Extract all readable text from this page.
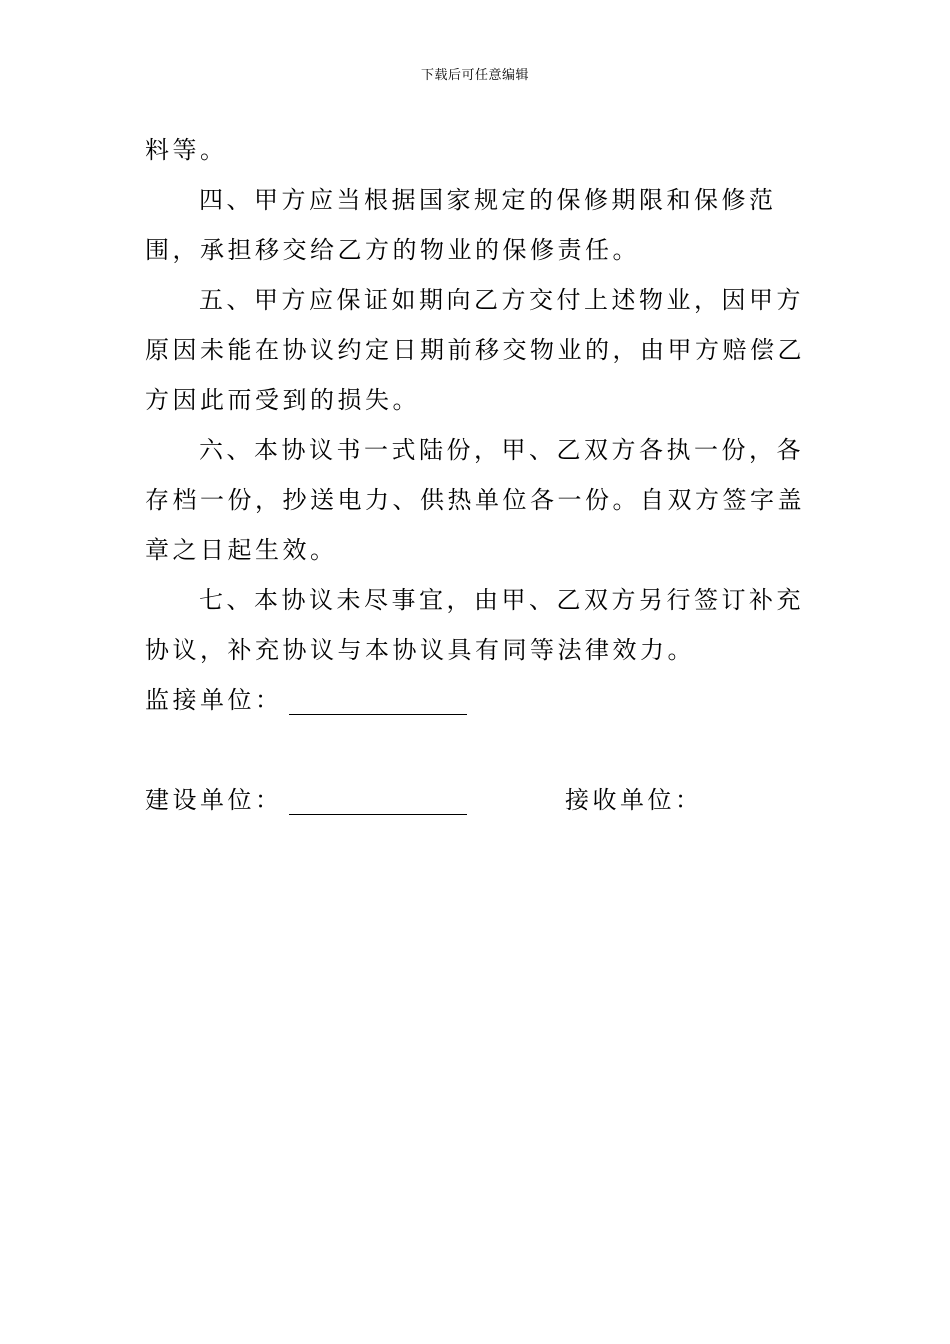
下载后可任意编辑

料等。

四、甲方应当根据国家规定的保修期限和保修范围，承担移交给乙方的物业的保修责任。

五、甲方应保证如期向乙方交付上述物业，因甲方原因未能在协议约定日期前移交物业的，由甲方赔偿乙方因此而受到的损失。

六、本协议书一式陆份，甲、乙双方各执一份，各存档一份，抄送电力、供热单位各一份。自双方签字盖章之日起生效。

七、本协议未尽事宜，由甲、乙双方另行签订补充协议，补充协议与本协议具有同等法律效力。

监接单位：
建设单位：	接收单位：
